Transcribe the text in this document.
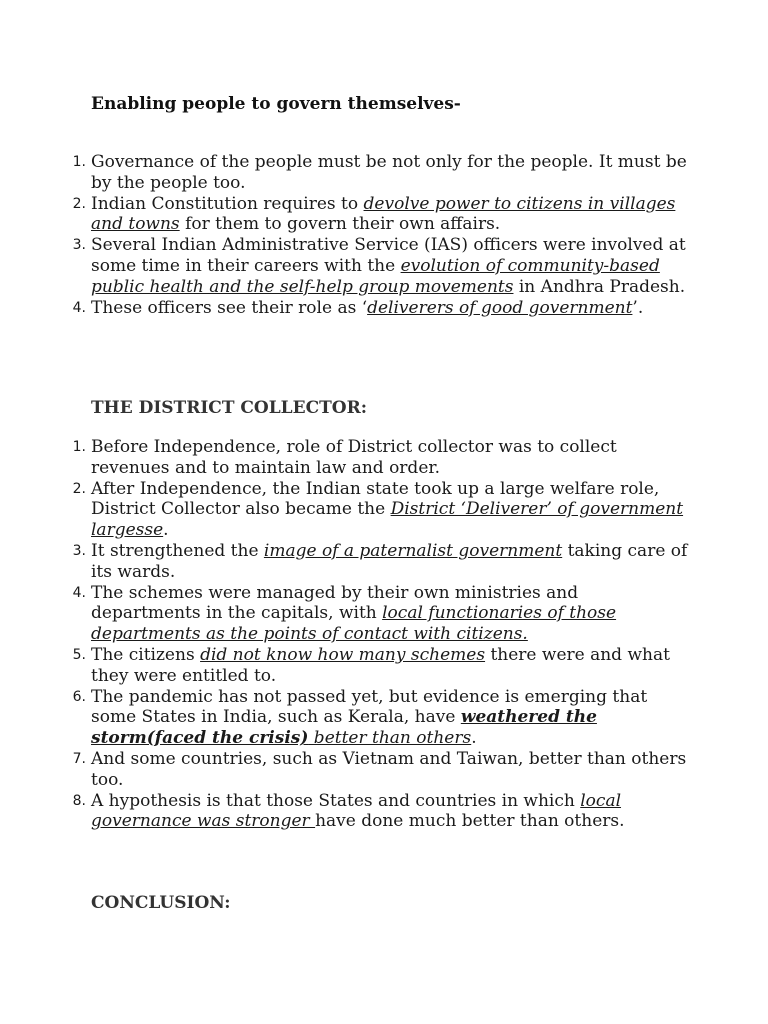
Enabling people to govern themselves-
1. Governance of the people must be not only for the people. It must be by the people too.
2. Indian Constitution requires to devolve power to citizens in villages and towns for them to govern their own affairs.
3. Several Indian Administrative Service (IAS) officers were involved at some time in their careers with the evolution of community-based public health and the self-help group movements in Andhra Pradesh.
4. These officers see their role as ‘deliverers of good government’.
THE DISTRICT COLLECTOR:
1. Before Independence, role of District collector was to collect revenues and to maintain law and order.
2. After Independence, the Indian state took up a large welfare role, District Collector also became the District ‘Deliverer’ of government largesse.
3. It strengthened the image of a paternalist government taking care of its wards.
4. The schemes were managed by their own ministries and departments in the capitals, with local functionaries of those departments as the points of contact with citizens.
5. The citizens did not know how many schemes there were and what they were entitled to.
6. The pandemic has not passed yet, but evidence is emerging that some States in India, such as Kerala, have weathered the storm(faced the crisis) better than others.
7. And some countries, such as Vietnam and Taiwan, better than others too.
8. A hypothesis is that those States and countries in which local governance was stronger have done much better than others.
CONCLUSION:
